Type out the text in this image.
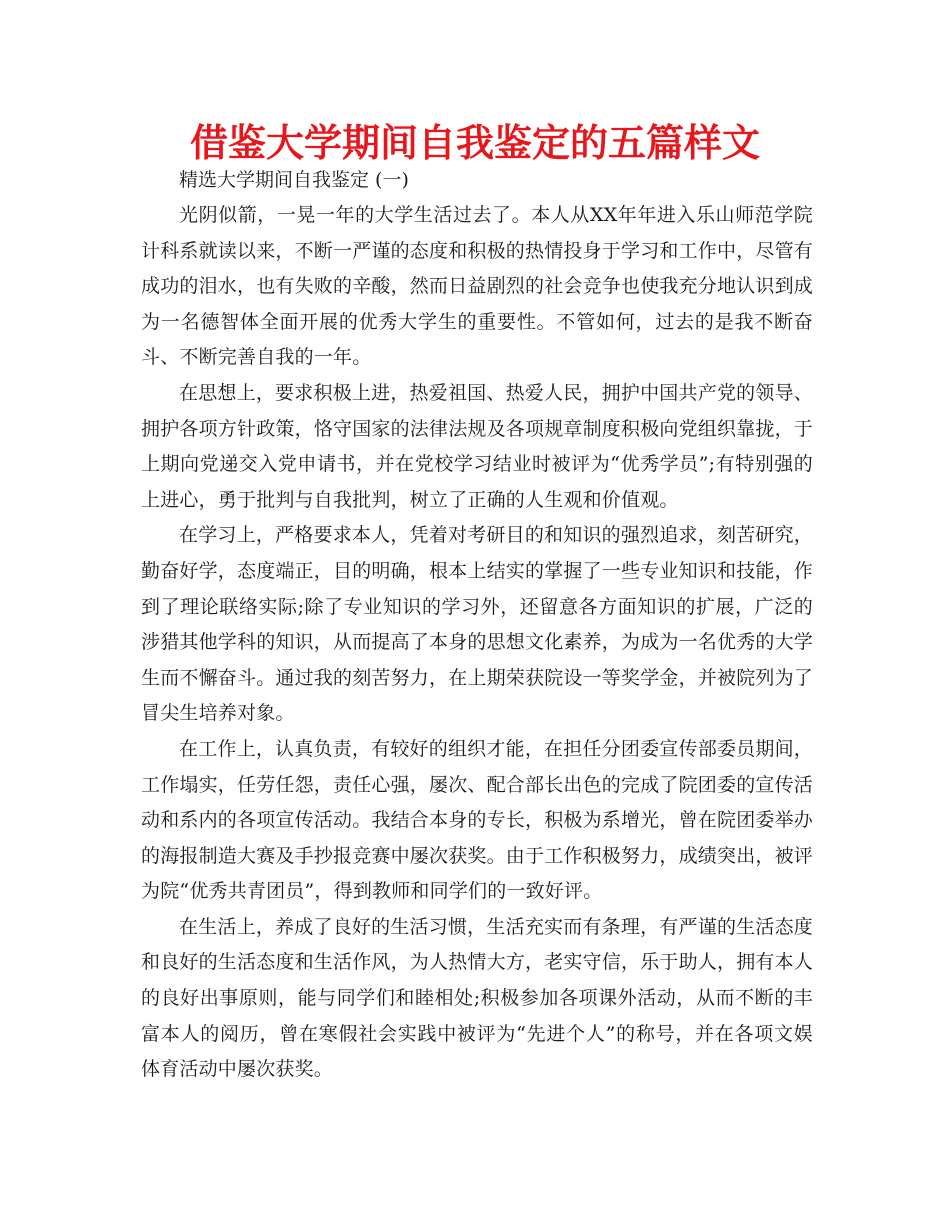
借鉴大学期间自我鉴定的五篇样文

精选大学期间自我鉴定 (一)

光阴似箭，一晃一年的大学生活过去了。本人从XX年年进入乐山师范学院计科系就读以来，不断一严谨的态度和积极的热情投身于学习和工作中，尽管有成功的泪水，也有失败的辛酸，然而日益剧烈的社会竞争也使我充分地认识到成为一名德智体全面开展的优秀大学生的重要性。不管如何，过去的是我不断奋斗、不断完善自我的一年。

在思想上，要求积极上进，热爱祖国、热爱人民，拥护中国共产党的领导、拥护各项方针政策，恪守国家的法律法规及各项规章制度积极向党组织靠拢，于上期向党递交入党申请书，并在党校学习结业时被评为“优秀学员”;有特别强的上进心，勇于批判与自我批判，树立了正确的人生观和价值观。

在学习上，严格要求本人，凭着对考研目的和知识的强烈追求，刻苦研究，勤奋好学，态度端正，目的明确，根本上结实的掌握了一些专业知识和技能，作到了理论联络实际;除了专业知识的学习外，还留意各方面知识的扩展，广泛的涉猎其他学科的知识，从而提高了本身的思想文化素养，为成为一名优秀的大学生而不懈奋斗。通过我的刻苦努力，在上期荣获院设一等奖学金，并被院列为了冒尖生培养对象。

在工作上，认真负责，有较好的组织才能，在担任分团委宣传部委员期间，工作塌实，任劳任怨，责任心强，屡次、配合部长出色的完成了院团委的宣传活动和系内的各项宣传活动。我结合本身的专长，积极为系增光，曾在院团委举办的海报制造大赛及手抄报竞赛中屡次获奖。由于工作积极努力，成绩突出，被评为院“优秀共青团员”，得到教师和同学们的一致好评。

在生活上，养成了良好的生活习惯，生活充实而有条理，有严谨的生活态度和良好的生活态度和生活作风，为人热情大方，老实守信，乐于助人，拥有本人的良好出事原则，能与同学们和睦相处;积极参加各项课外活动，从而不断的丰富本人的阅历，曾在寒假社会实践中被评为“先进个人”的称号，并在各项文娱体育活动中屡次获奖。
